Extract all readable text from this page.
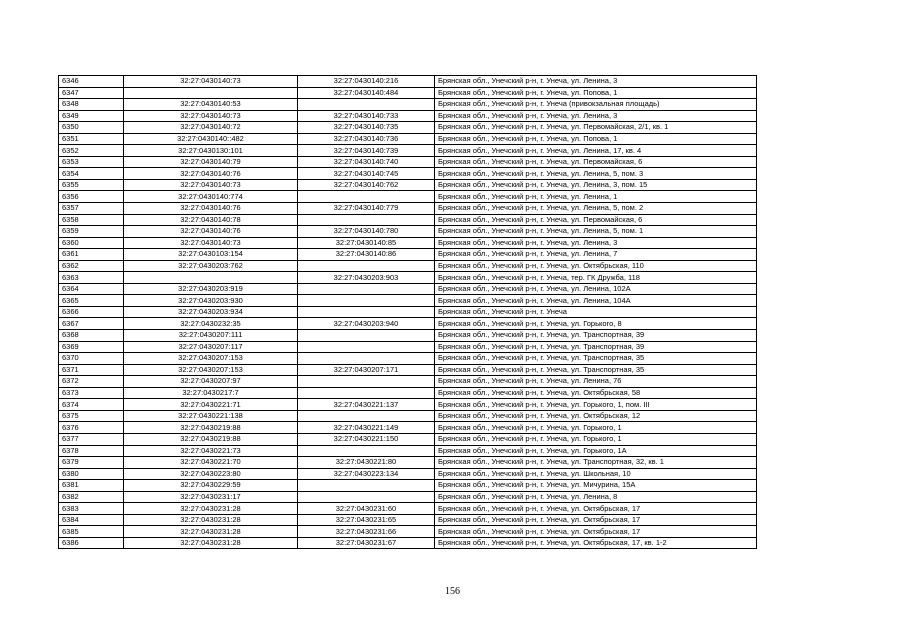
6346	32:27:0430140:73	32:27:0430140:216	Брянская обл., Унечский р-н, г. Унеча, ул. Ленина, 3
6347		32:27:0430140:484	Брянская обл., Унечский р-н, г. Унеча, ул. Попова, 1
6348	32:27:0430140:53		Брянская обл., Унечский р-н, г. Унеча (привокзальная площадь)
6349	32:27:0430140:73	32:27:0430140:733	Брянская обл., Унечский р-н, г. Унеча, ул. Ленина, 3
6350	32:27:0430140:72	32:27:0430140:735	Брянская обл., Унечский р-н, г. Унеча, ул. Первомайская, 2/1, кв. 1
6351	32:27:0430140::482	32:27:0430140:736	Брянская обл., Унечский р-н, г. Унеча, ул. Попова, 1
6352	32:27:0430130:101	32:27:0430140:739	Брянская обл., Унечский р-н, г. Унеча, ул. Ленина, 17, кв. 4
6353	32:27:0430140:79	32:27:0430140:740	Брянская обл., Унечский р-н, г. Унеча, ул. Первомайская, 6
6354	32:27:0430140:76	32:27:0430140:745	Брянская обл., Унечский р-н, г. Унеча, ул. Ленина, 5, пом. 3
6355	32:27:0430140:73	32:27:0430140:762	Брянская обл., Унечский р-н, г. Унеча, ул. Ленина, 3, пом. 15
6356	32:27:0430140:774		Брянская обл., Унечский р-н, г. Унеча, ул. Ленина, 1
6357	32:27:0430140:76	32:27:0430140:779	Брянская обл., Унечский р-н, г. Унеча, ул. Ленина, 5, пом. 2
6358	32:27:0430140:78		Брянская обл., Унечский р-н, г. Унеча, ул. Первомайская, 6
6359	32:27:0430140:76	32:27:0430140:780	Брянская обл., Унечский р-н, г. Унеча, ул. Ленина, 5, пом. 1
6360	32:27:0430140:73	32:27:0430140:85	Брянская обл., Унечский р-н, г. Унеча, ул. Ленина, 3
6361	32:27:0430103:154	32:27:0430140:86	Брянская обл., Унечский р-н, г. Унеча, ул. Ленина, 7
6362	32:27:0430203:762		Брянская обл., Унечский р-н, г. Унеча, ул. Октябрьская, 110
6363		32:27:0430203:903	Брянская обл., Унечский р-н, г. Унеча, тер. ГК Дружба, 118
6364	32:27:0430203:919		Брянская обл., Унечский р-н, г. Унеча, ул. Ленина, 102А
6365	32:27:0430203:930		Брянская обл., Унечский р-н, г. Унеча, ул. Ленина, 104А
6366	32:27:0430203:934		Брянская обл., Унечский р-н, г. Унеча
6367	32:27:0430232:35	32:27:0430203:940	Брянская обл., Унечский р-н, г. Унеча, ул. Горького, 8
6368	32:27:0430207:111		Брянская обл., Унечский р-н, г. Унеча, ул. Транспортная, 39
6369	32:27:0430207:117		Брянская обл., Унечский р-н, г. Унеча, ул. Транспортная, 39
6370	32:27:0430207:153		Брянская обл., Унечский р-н, г. Унеча, ул. Транспортная, 35
6371	32:27:0430207:153	32:27:0430207:171	Брянская обл., Унечский р-н, г. Унеча, ул. Транспортная, 35
6372	32:27:0430207:97		Брянская обл., Унечский р-н, г. Унеча, ул. Ленина, 76
6373	32:27:0430217:7		Брянская обл., Унечский р-н, г. Унеча, ул. Октябрьская, 58
6374	32:27:0430221:71	32:27:0430221:137	Брянская обл., Унечский р-н, г. Унеча, ул. Горького, 1, пом. III
6375	32:27:0430221:138		Брянская обл., Унечский р-н, г. Унеча, ул. Октябрьская, 12
6376	32:27:0430219:88	32:27:0430221:149	Брянская обл., Унечский р-н, г. Унеча, ул. Горького, 1
6377	32:27:0430219:88	32:27:0430221:150	Брянская обл., Унечский р-н, г. Унеча, ул. Горького, 1
6378	32:27:0430221:73		Брянская обл., Унечский р-н, г. Унеча, ул. Горького, 1А
6379	32:27:0430221:70	32:27:0430221:80	Брянская обл., Унечский р-н, г. Унеча, ул. Транспортная, 32, кв. 1
6380	32:27:0430223:80	32:27:0430223:134	Брянская обл., Унечский р-н, г. Унеча, ул. Школьная, 10
6381	32:27:0430229:59		Брянская обл., Унечский р-н, г. Унеча, ул. Мичурина, 15А
6382	32:27:0430231:17		Брянская обл., Унечский р-н, г. Унеча, ул. Ленина, 8
6383	32:27:0430231:28	32:27:0430231:60	Брянская обл., Унечский р-н, г. Унеча, ул. Октябрьская, 17
6384	32:27:0430231:28	32:27:0430231:65	Брянская обл., Унечский р-н, г. Унеча, ул. Октябрьская, 17
6385	32:27:0430231:28	32:27:0430231:66	Брянская обл., Унечский р-н, г. Унеча, ул. Октябрьская, 17
6386	32:27:0430231:28	32:27:0430231:67	Брянская обл., Унечский р-н, г. Унеча, ул. Октябрьская, 17, кв. 1-2
156
